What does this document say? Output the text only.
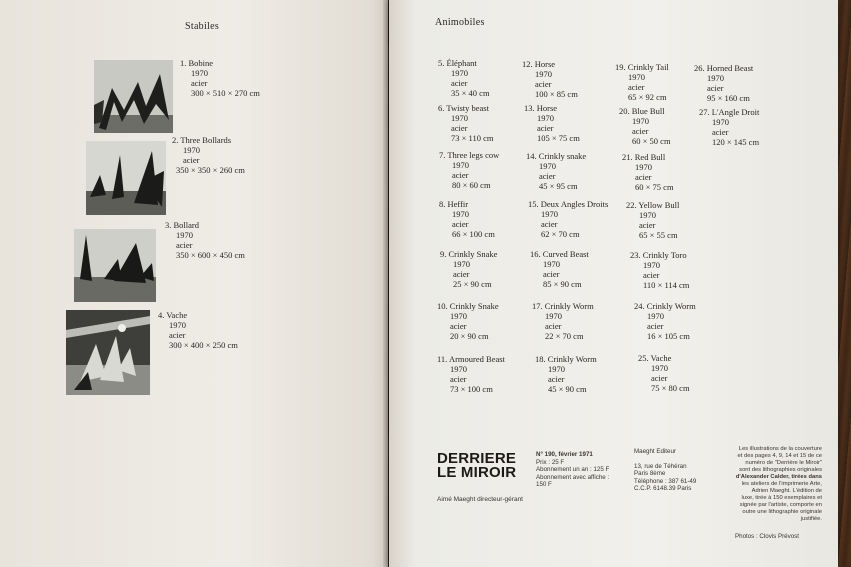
Stabiles
1. Bobine
1970
acier
300 × 510 × 270 cm
2. Three Bollards
1970
acier
350 × 350 × 260 cm
3. Bollard
1970
acier
350 × 600 × 450 cm
4. Vache
1970
acier
300 × 400 × 250 cm
Animobiles
5. Éléphant
1970
acier
35 × 40 cm
12. Horse
1970
acier
100 × 85 cm
19. Crinkly Tail
1970
acier
65 × 92 cm
26. Horned Beast
1970
acier
95 × 160 cm
6. Twisty beast
1970
acier
73 × 110 cm
13. Horse
1970
acier
105 × 75 cm
20. Blue Bull
1970
acier
60 × 50 cm
27. L'Angle Droit
1970
acier
120 × 145 cm
7. Three legs cow
1970
acier
80 × 60 cm
14. Crinkly snake
1970
acier
45 × 95 cm
21. Red Bull
1970
acier
60 × 75 cm
8. Heffir
1970
acier
66 × 100 cm
15. Deux Angles Droits
1970
acier
62 × 70 cm
22. Yellow Bull
1970
acier
65 × 55 cm
9. Crinkly Snake
1970
acier
25 × 90 cm
16. Curved Beast
1970
acier
85 × 90 cm
23. Crinkly Toro
1970
acier
110 × 114 cm
10. Crinkly Snake
1970
acier
20 × 90 cm
17. Crinkly Worm
1970
acier
22 × 70 cm
24. Crinkly Worm
1970
acier
16 × 105 cm
11. Armoured Beast
1970
acier
73 × 100 cm
18. Crinkly Worm
1970
acier
45 × 90 cm
25. Vache
1970
acier
75 × 80 cm
DERRIERE
LE MIROIR
Aimé Maeght directeur-gérant
N° 190, février 1971
Prix : 25 F
Abonnement un an : 125 F
Abonnement avec affiche :
150 F
Maeght Editeur
13, rue de Téhéran
Paris 8ème
Téléphone : 387 61-49
C.C.P. 6148.39 Paris
Les illustrations de la couverture
et des pages 4, 9, 14 et 15 de ce
numéro de "Derrière le Miroir"
sont des lithographies originales
d'Alexander Calder, tirées dans
les ateliers de l'imprimerie Arte,
Adrien Maeght. L'édition de
luxe, tirée à 150 exemplaires et
signée par l'artiste, comporte en
outre une lithographie originale
justifiée.
Photos : Clovis Prévost
